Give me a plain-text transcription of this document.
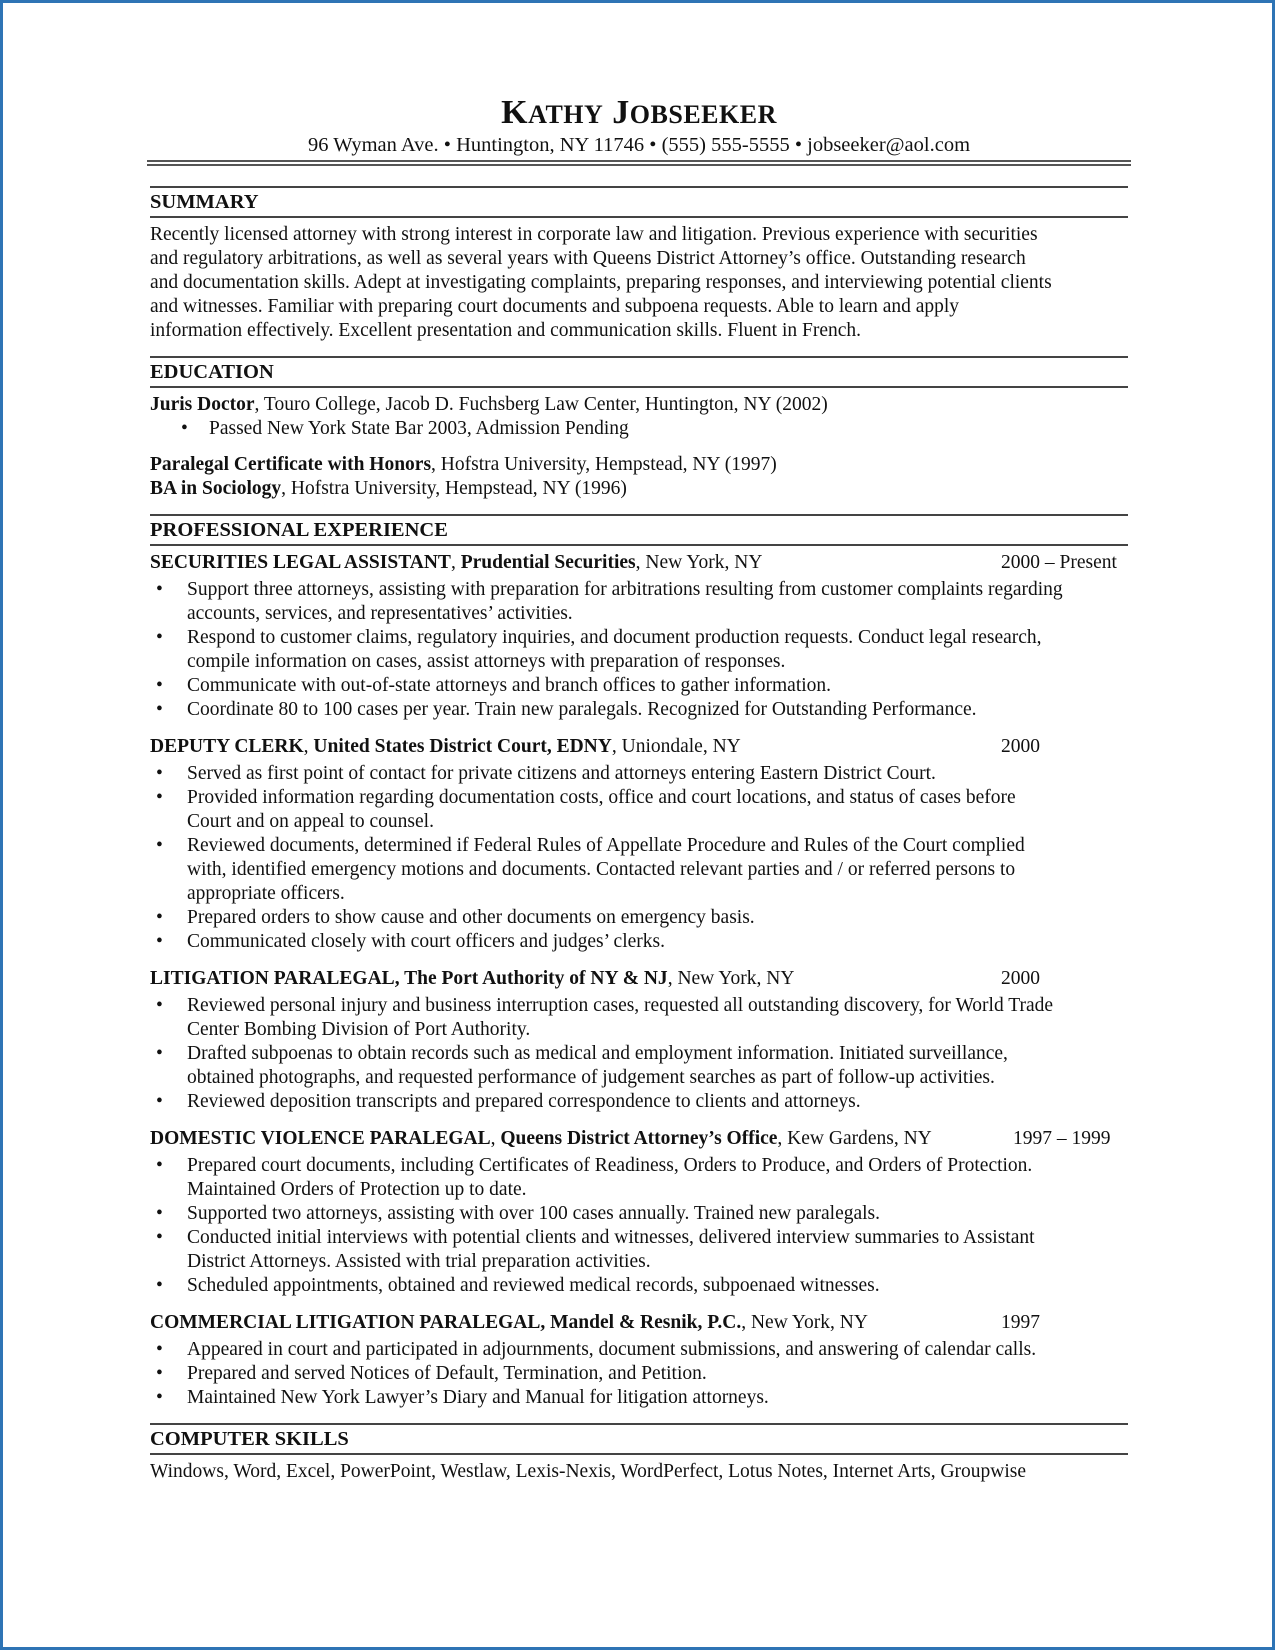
KATHY JOBSEEKER
96 Wyman Ave. • Huntington, NY 11746 • (555) 555-5555 • jobseeker@aol.com
SUMMARY

Recently licensed attorney with strong interest in corporate law and litigation. Previous experience with securities

and regulatory arbitrations, as well as several years with Queens District Attorney’s office. Outstanding research

and documentation skills. Adept at investigating complaints, preparing responses, and interviewing potential clients

and witnesses. Familiar with preparing court documents and subpoena requests. Able to learn and apply

information effectively. Excellent presentation and communication skills. Fluent in French.

EDUCATION
Juris Doctor, Touro College, Jacob D. Fuchsberg Law Center, Huntington, NY (2002)
• Passed New York State Bar 2003, Admission Pending
Paralegal Certificate with Honors, Hofstra University, Hempstead, NY (1997)
BA in Sociology, Hofstra University, Hempstead, NY (1996)
PROFESSIONAL EXPERIENCE
SECURITIES LEGAL ASSISTANT, Prudential Securities, New York, NY	2000 – Present
• Support three attorneys, assisting with preparation for arbitrations resulting from customer complaints regarding
accounts, services, and representatives’ activities.
• Respond to customer claims, regulatory inquiries, and document production requests. Conduct legal research,
compile information on cases, assist attorneys with preparation of responses.
• Communicate with out-of-state attorneys and branch offices to gather information.
• Coordinate 80 to 100 cases per year. Train new paralegals. Recognized for Outstanding Performance.
DEPUTY CLERK, United States District Court, EDNY, Uniondale, NY	2000
• Served as first point of contact for private citizens and attorneys entering Eastern District Court.
• Provided information regarding documentation costs, office and court locations, and status of cases before
Court and on appeal to counsel.
• Reviewed documents, determined if Federal Rules of Appellate Procedure and Rules of the Court complied
with, identified emergency motions and documents. Contacted relevant parties and / or referred persons to
appropriate officers.
• Prepared orders to show cause and other documents on emergency basis.
• Communicated closely with court officers and judges’ clerks.
LITIGATION PARALEGAL, The Port Authority of NY & NJ, New York, NY	2000
• Reviewed personal injury and business interruption cases, requested all outstanding discovery, for World Trade
Center Bombing Division of Port Authority.
• Drafted subpoenas to obtain records such as medical and employment information. Initiated surveillance,
obtained photographs, and requested performance of judgement searches as part of follow-up activities.
• Reviewed deposition transcripts and prepared correspondence to clients and attorneys.
DOMESTIC VIOLENCE PARALEGAL, Queens District Attorney’s Office, Kew Gardens, NY	1997 – 1999
• Prepared court documents, including Certificates of Readiness, Orders to Produce, and Orders of Protection.
Maintained Orders of Protection up to date.
• Supported two attorneys, assisting with over 100 cases annually. Trained new paralegals.
• Conducted initial interviews with potential clients and witnesses, delivered interview summaries to Assistant
District Attorneys. Assisted with trial preparation activities.
• Scheduled appointments, obtained and reviewed medical records, subpoenaed witnesses.
COMMERCIAL LITIGATION PARALEGAL, Mandel & Resnik, P.C., New York, NY	1997
• Appeared in court and participated in adjournments, document submissions, and answering of calendar calls.
• Prepared and served Notices of Default, Termination, and Petition.
• Maintained New York Lawyer’s Diary and Manual for litigation attorneys.
COMPUTER SKILLS
Windows, Word, Excel, PowerPoint, Westlaw, Lexis-Nexis, WordPerfect, Lotus Notes, Internet Arts, Groupwise
